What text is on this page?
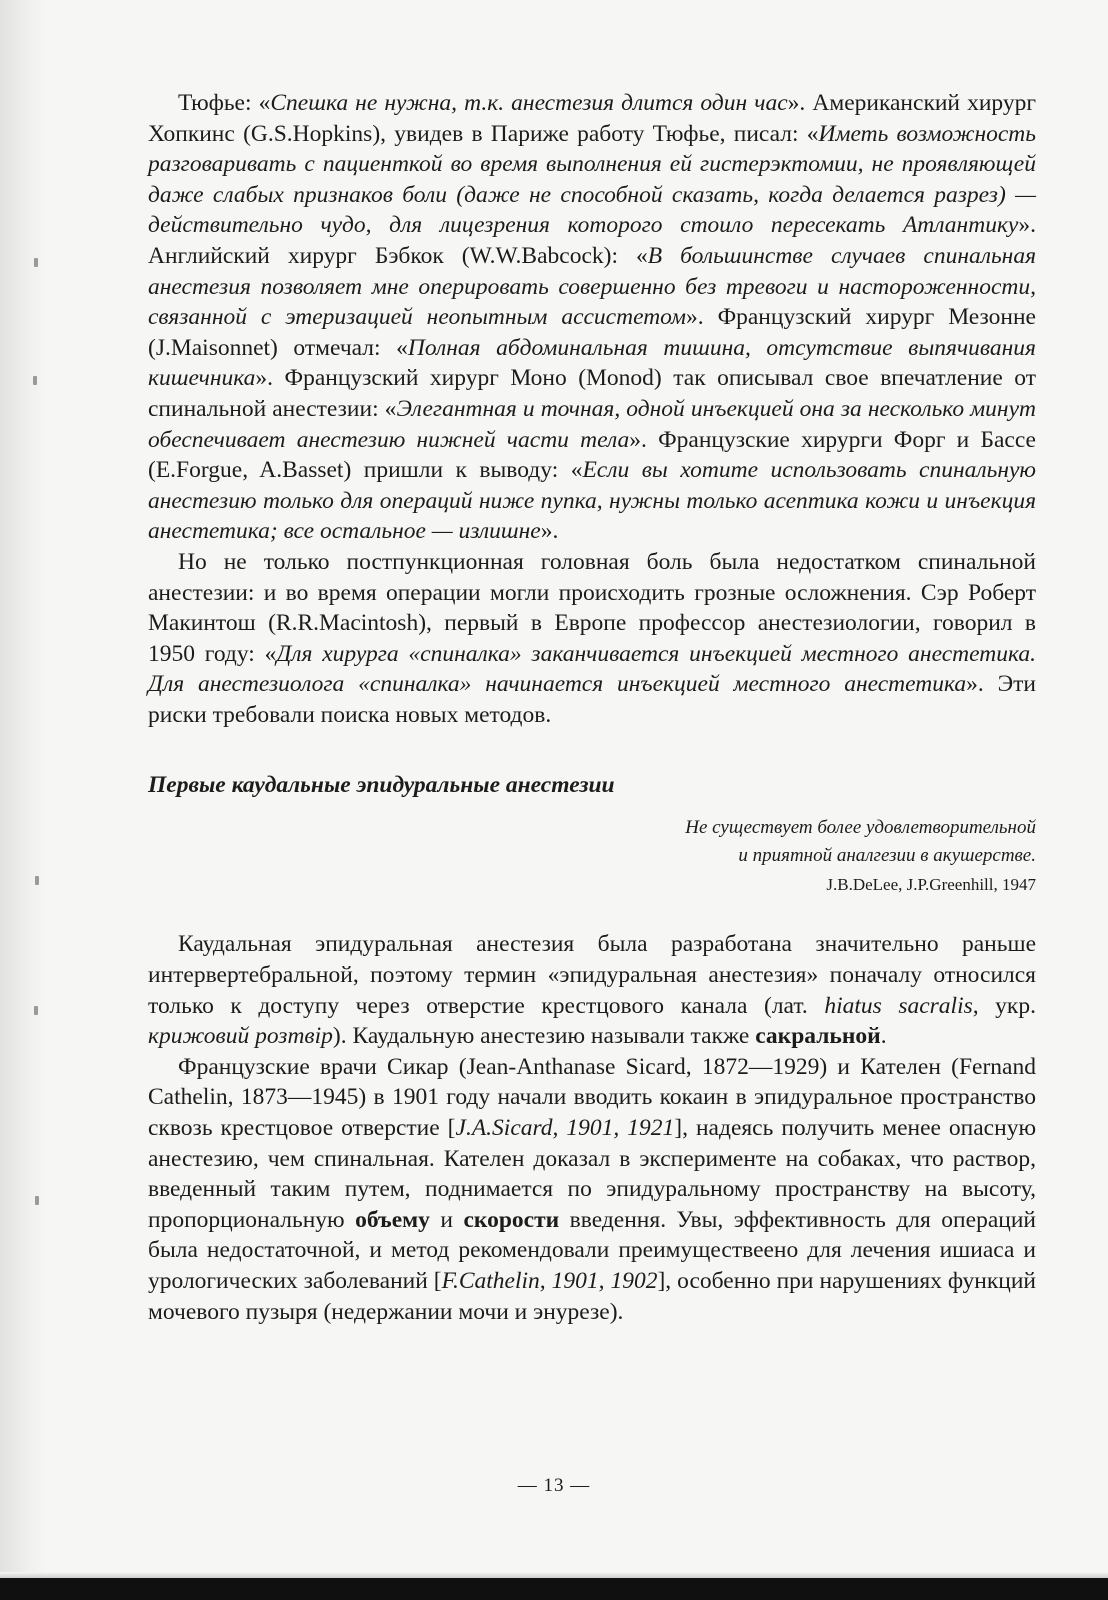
Тюфье: «Спешка не нужна, т.к. анестезия длится один час». Американский хирург Хопкинс (G.S.Hopkins), увидев в Париже работу Тюфье, писал: «Иметь возможность разговаривать с пациенткой во время выполнения ей гистерэктомии, не проявляющей даже слабых признаков боли (даже не способной сказать, когда делается разрез) — действительно чудо, для лицезрения которого стоило пересекать Атлантику». Английский хирург Бэбкок (W.W.Babcock): «В большинстве случаев спинальная анестезия позволяет мне оперировать совершенно без тревоги и настороженности, связанной с этеризацией неопытным ассистетом». Французский хирург Мезонне (J.Maisonnet) отмечал: «Полная абдоминальная тишина, отсутствие выпячивания кишечника». Французский хирург Моно (Monod) так описывал свое впечатление от спинальной анестезии: «Элегантная и точная, одной инъекцией она за несколько минут обеспечивает анестезию нижней части тела». Французские хирурги Форг и Бассе (E.Forgue, A.Basset) пришли к выводу: «Если вы хотите использовать спинальную анестезию только для операций ниже пупка, нужны только асептика кожи и инъекция анестетика; все остальное — излишне».

Но не только постпункционная головная боль была недостатком спинальной анестезии: и во время операции могли происходить грозные осложнения. Сэр Роберт Макинтош (R.R.Macintosh), первый в Европе профессор анестезиологии, говорил в 1950 году: «Для хирурга «спиналка» заканчивается инъекцией местного анестетика. Для анестезиолога «спиналка» начинается инъекцией местного анестетика». Эти риски требовали поиска новых методов.

Первые каудальные эпидуральные анестезии
Не существует более удовлетворительной
и приятной аналгезии в акушерстве.
J.B.DeLee, J.P.Greenhill, 1947

Каудальная эпидуральная анестезия была разработана значительно раньше интервертебральной, поэтому термин «эпидуральная анестезия» поначалу относился только к доступу через отверстие крестцового канала (лат. hiatus sacralis, укр. крижовий розтвір). Каудальную анестезию называли также сакральной.

Французские врачи Сикар (Jean-Anthanase Sicard, 1872—1929) и Кателен (Fernand Cathelin, 1873—1945) в 1901 году начали вводить кокаин в эпидуральное пространство сквозь крестцовое отверстие [J.A.Sicard, 1901, 1921], надеясь получить менее опасную анестезию, чем спинальная. Кателен доказал в эксперименте на собаках, что раствор, введенный таким путем, поднимается по эпидуральному пространству на высоту, пропорциональную объему и скорости введення. Увы, эффективность для операций была недостаточной, и метод рекомендовали преимуществеено для лечения ишиаса и урологических заболеваний [F.Cathelin, 1901, 1902], особенно при нарушениях функций мочевого пузыря (недержании мочи и энурезе).

— 13 —
